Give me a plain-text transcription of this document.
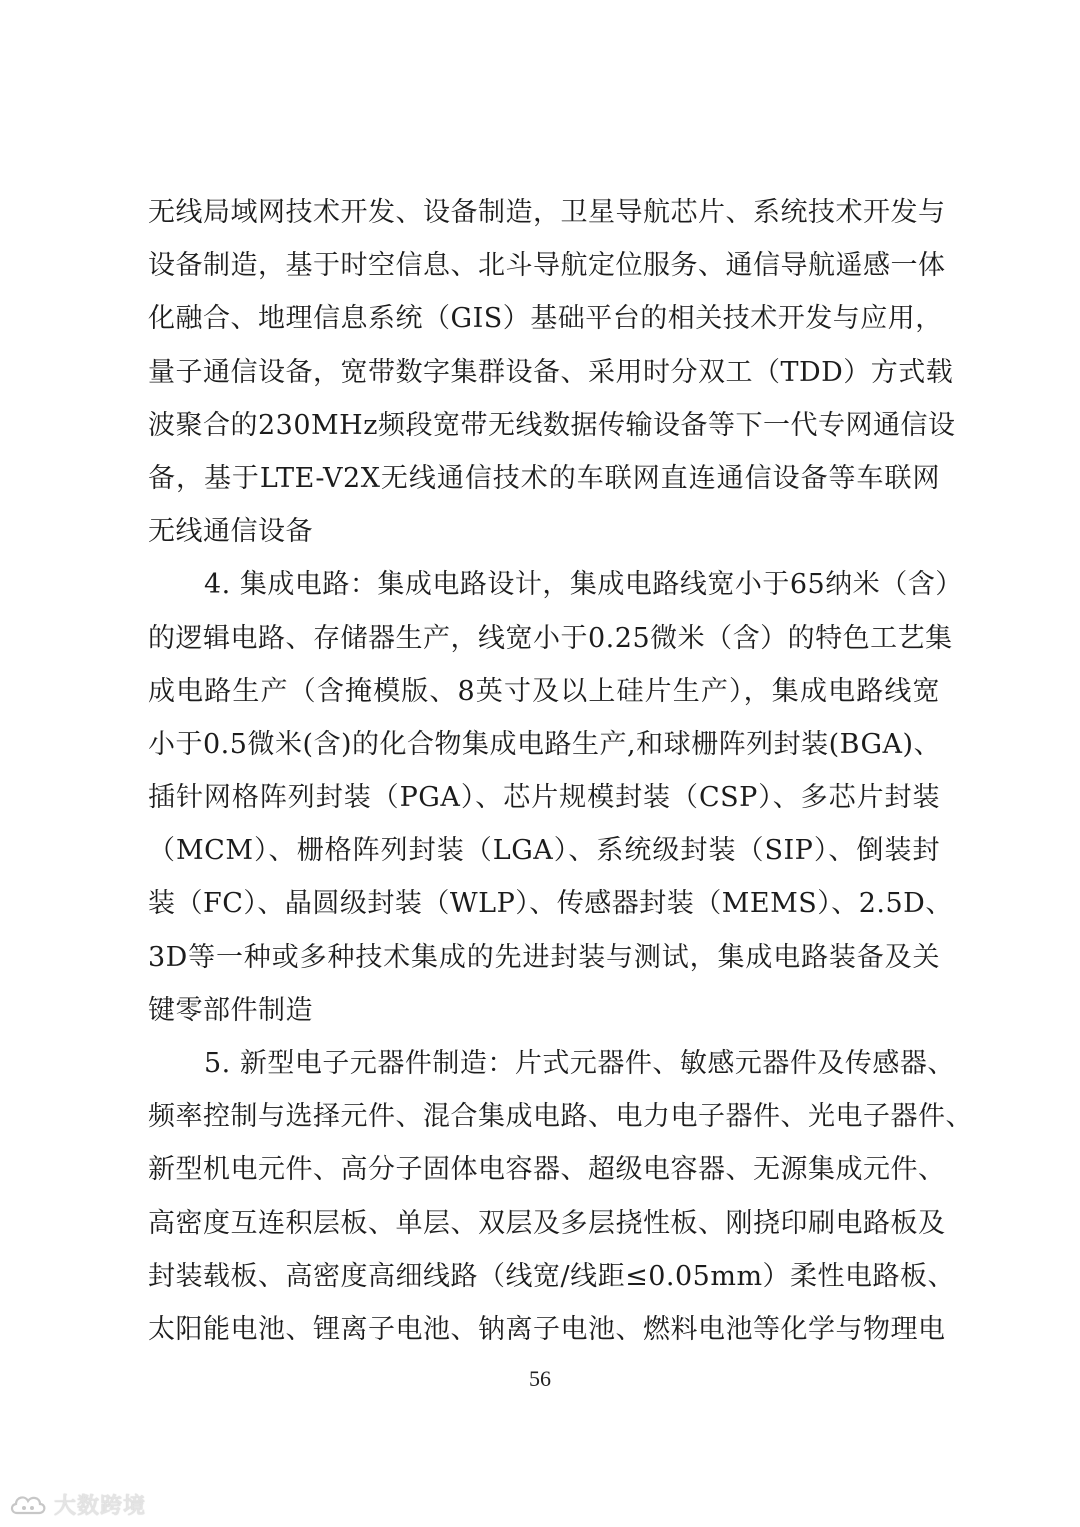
无线局域网技术开发、设备制造，卫星导航芯片、系统技术开发与
设备制造，基于时空信息、北斗导航定位服务、通信导航遥感一体
化融合、地理信息系统（GIS）基础平台的相关技术开发与应用，
量子通信设备，宽带数字集群设备、采用时分双工（TDD）方式载
波聚合的230MHz频段宽带无线数据传输设备等下一代专网通信设
备，基于LTE-V2X无线通信技术的车联网直连通信设备等车联网
无线通信设备
4. 集成电路：集成电路设计，集成电路线宽小于65纳米（含）
的逻辑电路、存储器生产，线宽小于0.25微米（含）的特色工艺集
成电路生产（含掩模版、8英寸及以上硅片生产），集成电路线宽
小于0.5微米(含)的化合物集成电路生产,和球栅阵列封装(BGA)、
插针网格阵列封装（PGA）、芯片规模封装（CSP）、多芯片封装
（MCM）、栅格阵列封装（LGA）、系统级封装（SIP）、倒装封
装（FC）、晶圆级封装（WLP）、传感器封装（MEMS）、2.5D、
3D等一种或多种技术集成的先进封装与测试，集成电路装备及关
键零部件制造
5. 新型电子元器件制造：片式元器件、敏感元器件及传感器、
频率控制与选择元件、混合集成电路、电力电子器件、光电子器件、
新型机电元件、高分子固体电容器、超级电容器、无源集成元件、
高密度互连积层板、单层、双层及多层挠性板、刚挠印刷电路板及
封装载板、高密度高细线路（线宽/线距≤0.05mm）柔性电路板、
太阳能电池、锂离子电池、钠离子电池、燃料电池等化学与物理电
56
大数跨境
